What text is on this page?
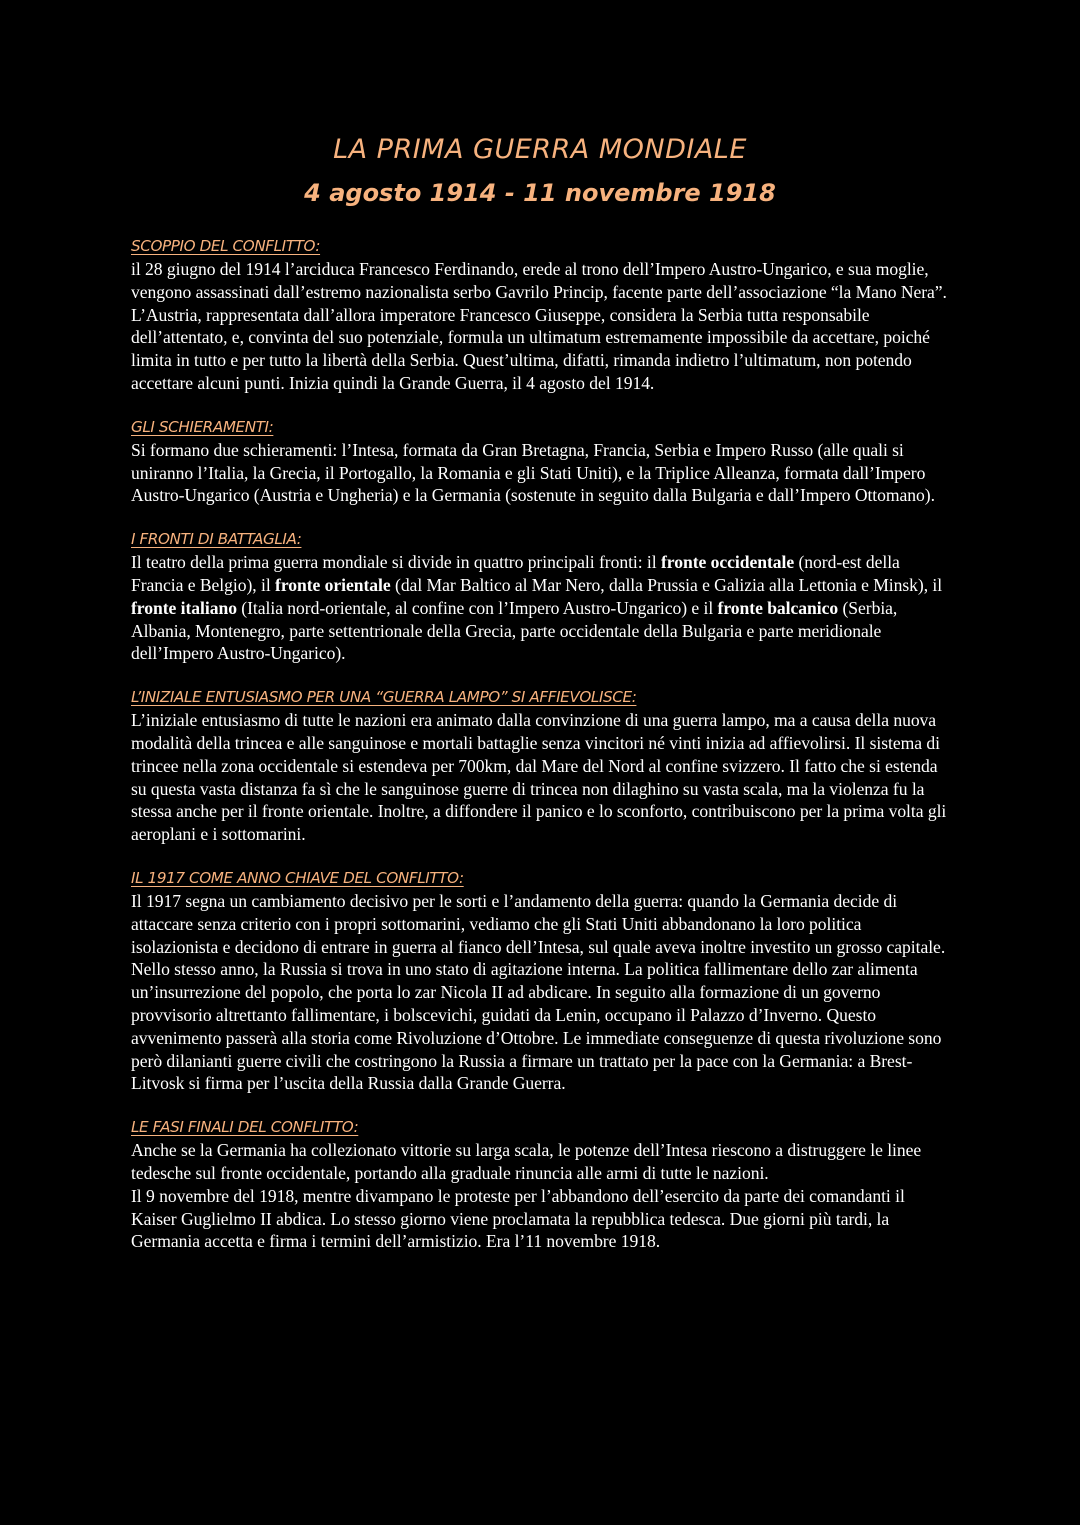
LA PRIMA GUERRA MONDIALE
4 agosto 1914 - 11 novembre 1918
SCOPPIO DEL CONFLITTO:

il 28 giugno del 1914 l’arciduca Francesco Ferdinando, erede al trono dell’Impero Austro-Ungarico, e sua moglie, vengono assassinati dall’estremo nazionalista serbo Gavrilo Princip, facente parte dell’associazione “la Mano Nera”. L’Austria, rappresentata dall’allora imperatore Francesco Giuseppe, considera la Serbia tutta responsabile dell’attentato, e, convinta del suo potenziale, formula un ultimatum estremamente impossibile da accettare, poiché limita in tutto e per tutto la libertà della Serbia. Quest’ultima, difatti, rimanda indietro l’ultimatum, non potendo accettare alcuni punti. Inizia quindi la Grande Guerra, il 4 agosto del 1914.

GLI SCHIERAMENTI:

Si formano due schieramenti: l’Intesa, formata da Gran Bretagna, Francia, Serbia e Impero Russo (alle quali si uniranno l’Italia, la Grecia, il Portogallo, la Romania e gli Stati Uniti), e la Triplice Alleanza, formata dall’Impero Austro-Ungarico (Austria e Ungheria) e la Germania (sostenute in seguito dalla Bulgaria e dall’Impero Ottomano).

I FRONTI DI BATTAGLIA:

Il teatro della prima guerra mondiale si divide in quattro principali fronti: il fronte occidentale (nord-est della Francia e Belgio), il fronte orientale (dal Mar Baltico al Mar Nero, dalla Prussia e Galizia alla Lettonia e Minsk), il fronte italiano (Italia nord-orientale, al confine con l’Impero Austro-Ungarico) e il fronte balcanico (Serbia, Albania, Montenegro, parte settentrionale della Grecia, parte occidentale della Bulgaria e parte meridionale dell’Impero Austro-Ungarico).

L’INIZIALE ENTUSIASMO PER UNA “GUERRA LAMPO” SI AFFIEVOLISCE:

L’iniziale entusiasmo di tutte le nazioni era animato dalla convinzione di una guerra lampo, ma a causa della nuova modalità della trincea e alle sanguinose e mortali battaglie senza vincitori né vinti inizia ad affievolirsi. Il sistema di trincee nella zona occidentale si estendeva per 700km, dal Mare del Nord al confine svizzero. Il fatto che si estenda su questa vasta distanza fa sì che le sanguinose guerre di trincea non dilaghino su vasta scala, ma la violenza fu la stessa anche per il fronte orientale. Inoltre, a diffondere il panico e lo sconforto, contribuiscono per la prima volta gli aeroplani e i sottomarini.

IL 1917 COME ANNO CHIAVE DEL CONFLITTO:

Il 1917 segna un cambiamento decisivo per le sorti e l’andamento della guerra: quando la Germania decide di attaccare senza criterio con i propri sottomarini, vediamo che gli Stati Uniti abbandonano la loro politica isolazionista e decidono di entrare in guerra al fianco dell’Intesa, sul quale aveva inoltre investito un grosso capitale.

Nello stesso anno, la Russia si trova in uno stato di agitazione interna. La politica fallimentare dello zar alimenta un’insurrezione del popolo, che porta lo zar Nicola II ad abdicare. In seguito alla formazione di un governo provvisorio altrettanto fallimentare, i bolscevichi, guidati da Lenin, occupano il Palazzo d’Inverno. Questo avvenimento passerà alla storia come Rivoluzione d’Ottobre. Le immediate conseguenze di questa rivoluzione sono però dilanianti guerre civili che costringono la Russia a firmare un trattato per la pace con la Germania: a Brest-Litvosk si firma per l’uscita della Russia dalla Grande Guerra.

LE FASI FINALI DEL CONFLITTO:

Anche se la Germania ha collezionato vittorie su larga scala, le potenze dell’Intesa riescono a distruggere le linee tedesche sul fronte occidentale, portando alla graduale rinuncia alle armi di tutte le nazioni.

Il 9 novembre del 1918, mentre divampano le proteste per l’abbandono dell’esercito da parte dei comandanti il Kaiser Guglielmo II abdica. Lo stesso giorno viene proclamata la repubblica tedesca. Due giorni più tardi, la Germania accetta e firma i termini dell’armistizio. Era l’11 novembre 1918.
